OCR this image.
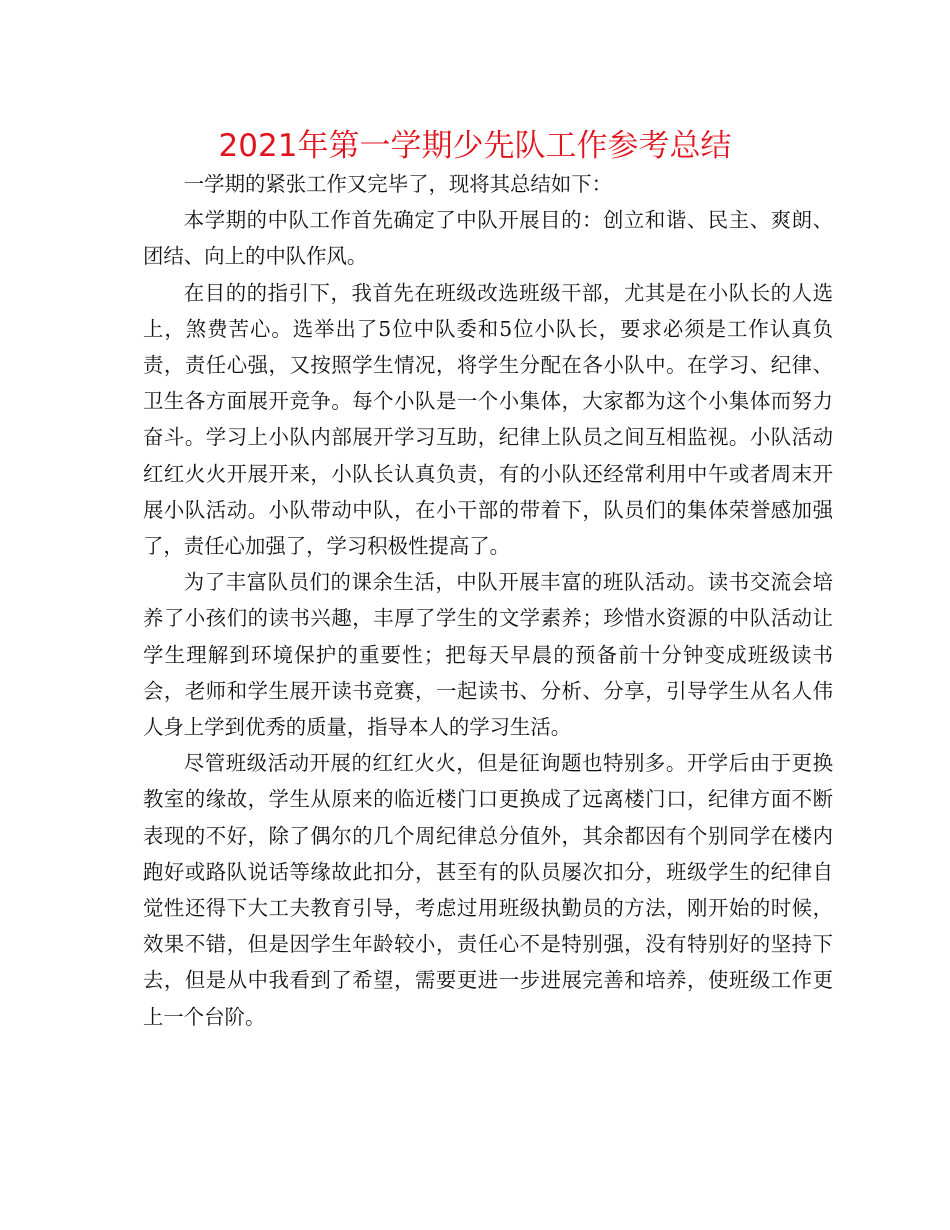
2021年第一学期少先队工作参考总结

一学期的紧张工作又完毕了，现将其总结如下：

本学期的中队工作首先确定了中队开展目的：创立和谐、民主、爽朗、团结、向上的中队作风。

在目的的指引下，我首先在班级改选班级干部，尤其是在小队长的人选上，煞费苦心。选举出了5位中队委和5位小队长，要求必须是工作认真负责，责任心强，又按照学生情况，将学生分配在各小队中。在学习、纪律、卫生各方面展开竞争。每个小队是一个小集体，大家都为这个小集体而努力奋斗。学习上小队内部展开学习互助，纪律上队员之间互相监视。小队活动红红火火开展开来，小队长认真负责，有的小队还经常利用中午或者周末开展小队活动。小队带动中队，在小干部的带着下，队员们的集体荣誉感加强了，责任心加强了，学习积极性提高了。

为了丰富队员们的课余生活，中队开展丰富的班队活动。读书交流会培养了小孩们的读书兴趣，丰厚了学生的文学素养；珍惜水资源的中队活动让学生理解到环境保护的重要性；把每天早晨的预备前十分钟变成班级读书会，老师和学生展开读书竞赛，一起读书、分析、分享，引导学生从名人伟人身上学到优秀的质量，指导本人的学习生活。

尽管班级活动开展的红红火火，但是征询题也特别多。开学后由于更换教室的缘故，学生从原来的临近楼门口更换成了远离楼门口，纪律方面不断表现的不好，除了偶尔的几个周纪律总分值外，其余都因有个别同学在楼内跑好或路队说话等缘故此扣分，甚至有的队员屡次扣分，班级学生的纪律自觉性还得下大工夫教育引导，考虑过用班级执勤员的方法，刚开始的时候，效果不错，但是因学生年龄较小，责任心不是特别强，没有特别好的坚持下去，但是从中我看到了希望，需要更进一步进展完善和培养，使班级工作更上一个台阶。
